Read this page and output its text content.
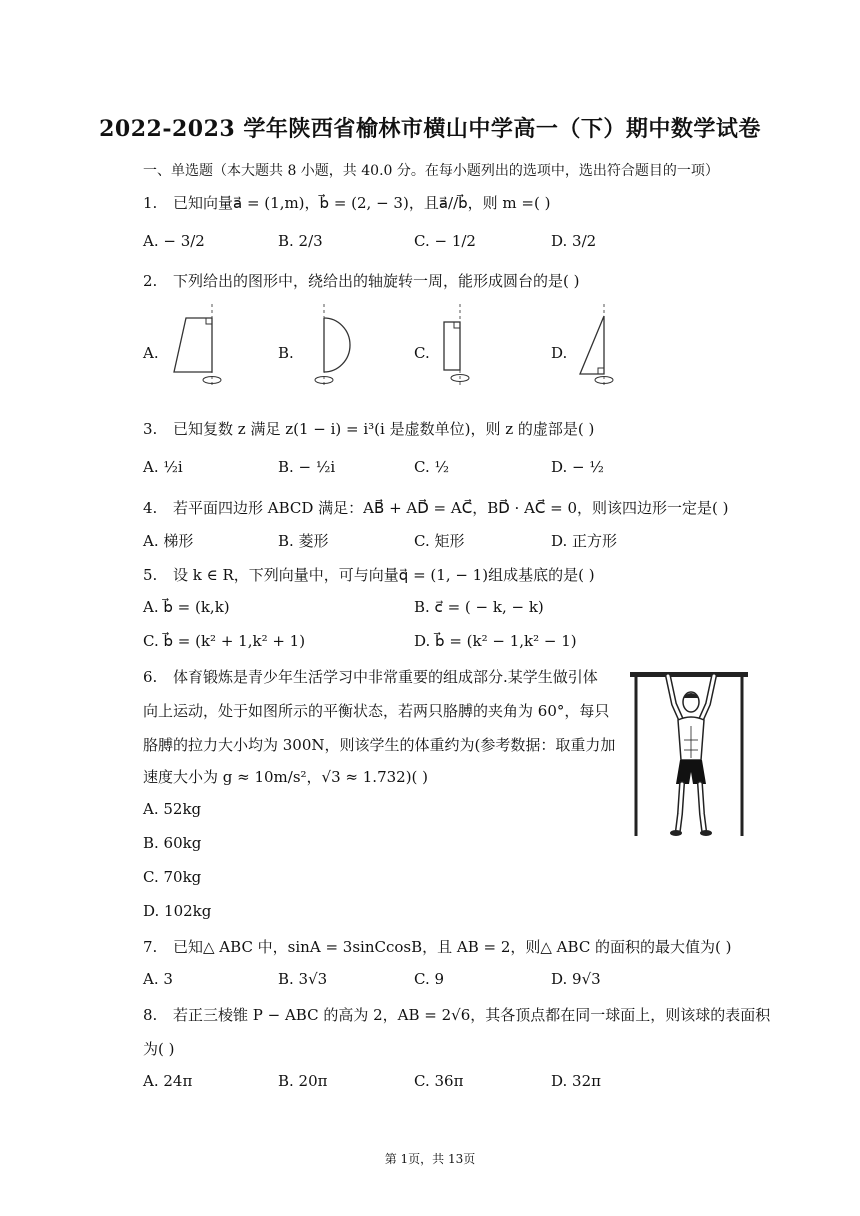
2022-2023 学年陕西省榆林市横山中学高一（下）期中数学试卷
一、单选题（本大题共 8 小题，共 40.0 分。在每小题列出的选项中，选出符合题目的一项）
1. 已知向量a⃗ = (1,m)，b⃗ = (2, − 3)，且a⃗//b⃗，则 m =( )
A. − 3/2	B. 2/3	C. − 1/2	D. 3/2
2. 下列给出的图形中，绕给出的轴旋转一周，能形成圆台的是( )
A.	B.	C.	D.
3. 已知复数 z 满足 z(1 − i) = i³(i 是虚数单位)，则 z 的虚部是( )
A. ½i	B. − ½i	C. ½	D. − ½
4. 若平面四边形 ABCD 满足：AB⃗ + AD⃗ = AC⃗，BD⃗ · AC⃗ = 0，则该四边形一定是( )
A. 梯形	B. 菱形	C. 矩形	D. 正方形
5. 设 k ∈ R，下列向量中，可与向量q⃗ = (1, − 1)组成基底的是( )
A. b⃗ = (k,k)	B. c⃗ = ( − k, − k)
C. b⃗ = (k² + 1,k² + 1)	D. b⃗ = (k² − 1,k² − 1)
6. 体育锻炼是青少年生活学习中非常重要的组成部分.某学生做引体
向上运动，处于如图所示的平衡状态，若两只胳膊的夹角为 60°，每只
胳膊的拉力大小均为 300N，则该学生的体重约为(参考数据：取重力加
速度大小为 g ≈ 10m/s²，√3 ≈ 1.732)( )
A. 52kg
B. 60kg
C. 70kg
D. 102kg
7. 已知△ ABC 中，sinA = 3sinCcosB，且 AB = 2，则△ ABC 的面积的最大值为( )
A. 3	B. 3√3	C. 9	D. 9√3
8. 若正三棱锥 P − ABC 的高为 2，AB = 2√6，其各顶点都在同一球面上，则该球的表面积
为( )
A. 24π	B. 20π	C. 36π	D. 32π
第 1页，共 13页
